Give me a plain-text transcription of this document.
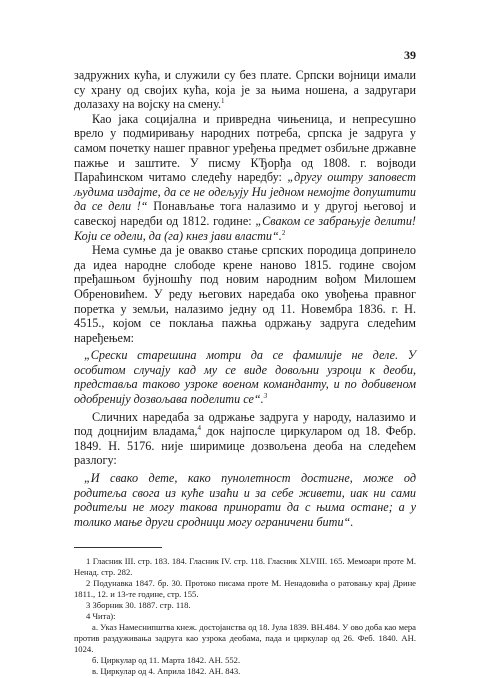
39

задружних кућа, и служили су без плате. Српски војници имали су храну од својих кућа, која је за њима ношена, а задругари долазаху на војску на смену.$^1$

Као јака социјална и привредна чињеница, и непресушно врело у подмиривању народних потреба, српска је задруга у самом почетку нашег правног уређења предмет озбиљне државне пажње и заштите. У писму КЂорђа од 1808. г. војводи Параћинском читамо следећу наредбу: „другу оштру заповест људима издајте, да се не одељују Ни једном немојте допуштити да се дели !“ Понављање тога налазимо и у другој његовој и савеској наредби од 1812. године: „Сваком се забрањује делити! Који се одели, да (га) кнез јави власти“.$^2$

Нема сумње да је овакво стање српских породица допринело да идеа народне слободе крене наново 1815. године својом пређашњом бујношћу под новим народним вођом Милошем Обреновићем. У реду његових наредаба око увођења правног поретка у земљи, налазимо једну од 11. Новембра 1836. г. Н. 4515., којом се поклања пажња одржању задруга следећим наређењем:

„Срески старешина мотри да се фамилије не деле. У особитом случају кад му се виде довољни узроци к деоби, представља таково узроке военом команданту, и по добивеном одобренију дозвољава поделити се“.$^3$

Сличних наредаба за одржање задруга у народу, налазимо и под доцнијим владама,$^4$ док најпосле циркуларом од 18. Фебр. 1849. Н. 5176. није ширимице дозвољена деоба на следећем разлогу:

„И свако дете, како пунолетност достигне, може од родитеља свога из куће изаћи и за себе живети, иак ни сами родитељи не могу такова принорати да с њима остане; а у толико мање други сродници могу ограничени бити“.

1 Гласник III. стр. 183. 184. Гласник IV. стр. 118. Гласник XLVIII. 165. Мемоари проте М. Ненад. стр. 282.

2 Подунавка 1847. бр. 30. Протоко писама проте М. Ненадовића о ратовању крај Дрине 1811., 12. и 13-те године, стр. 155.

3 Зборник 30. 1887. стр. 118.

4 Чита):

а. Указ Намеснипштва кнеж. достојанства од 18. Јула 1839. ВН.484. У ово доба као мера против раздуживања задруга као узрока деобама, пада и циркулар од 26. Феб. 1840. АН. 1024.

б. Циркулар од 11. Марта 1842. АН. 552.

в. Циркулар од 4. Априла 1842. АН. 843.
